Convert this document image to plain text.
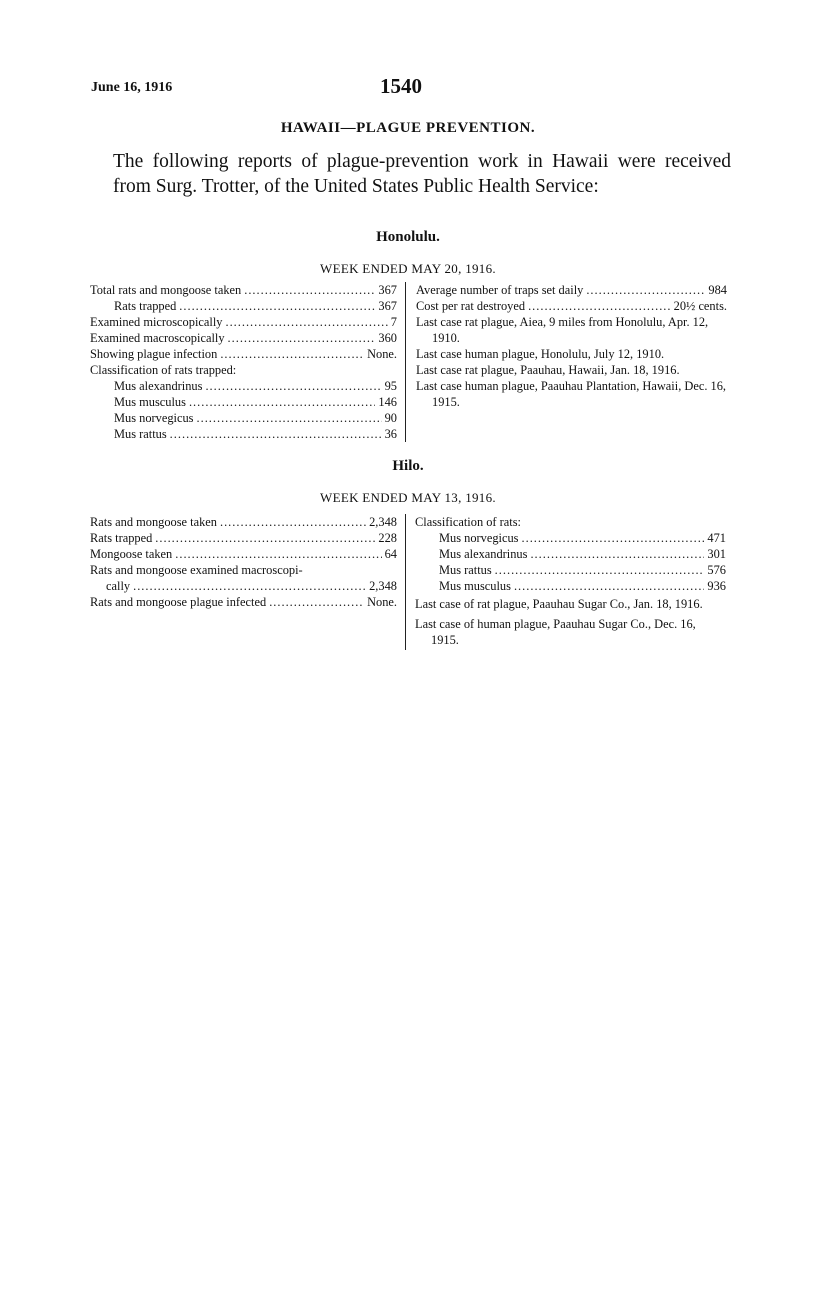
June 16, 1916	1540
HAWAII—PLAGUE PREVENTION.
The following reports of plague-prevention work in Hawaii were received from Surg. Trotter, of the United States Public Health Service:
Honolulu.
WEEK ENDED MAY 20, 1916.
Total rats and mongoose taken .....	367
Rats trapped .....	367
Examined microscopically .....	7
Examined macroscopically .....	360
Showing plague infection .....	None.
Classification of rats trapped:
Mus alexandrinus .....	95
Mus musculus .....	146
Mus norvegicus .....	90
Mus rattus .....	36
Average number of traps set daily .....	984
Cost per rat destroyed .....	20½ cents.

Last case rat plague, Aiea, 9 miles from Honolulu, Apr. 12, 1910.

Last case human plague, Honolulu, July 12, 1910.

Last case rat plague, Paauhau, Hawaii, Jan. 18, 1916.

Last case human plague, Paauhau Plantation, Hawaii, Dec. 16, 1915.

Hilo.
WEEK ENDED MAY 13, 1916.
Rats and mongoose taken .....	2,348
Rats trapped .....	228
Mongoose taken .....	64
Rats and mongoose examined macroscopi-
cally .....	2,348
Rats and mongoose plague infected .....	None.
Classification of rats:
Mus norvegicus .....	471
Mus alexandrinus .....	301
Mus rattus .....	576
Mus musculus .....	936

Last case of rat plague, Paauhau Sugar Co., Jan. 18, 1916.

Last case of human plague, Paauhau Sugar Co., Dec. 16, 1915.
